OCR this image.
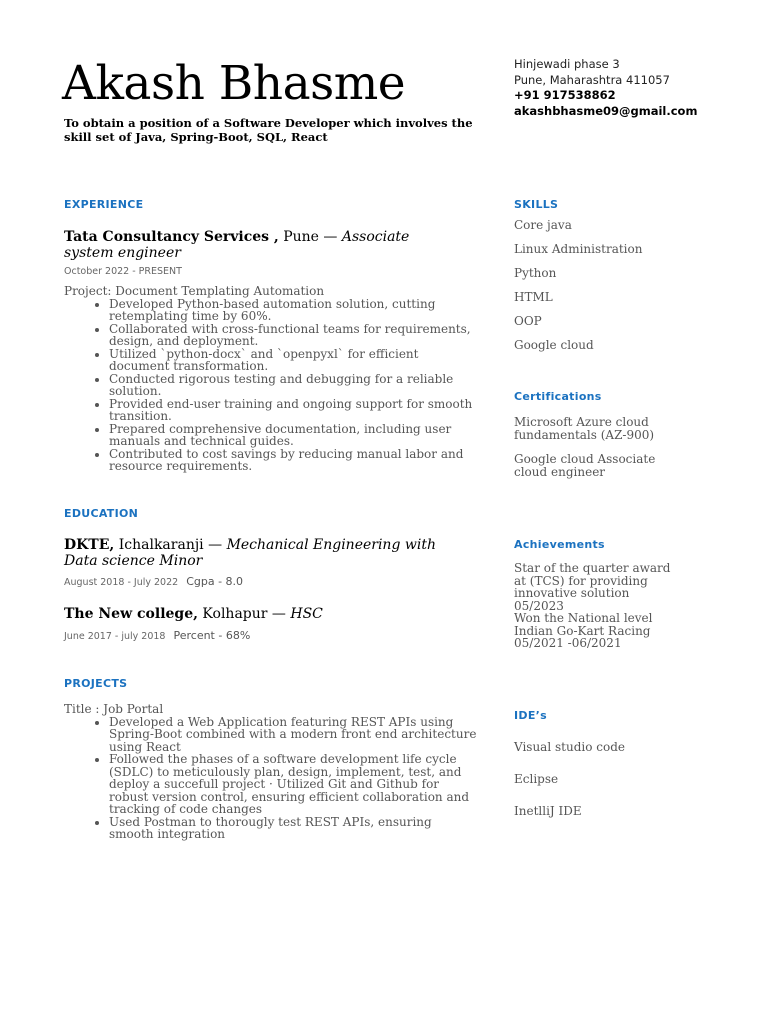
Akash Bhasme
To obtain a position of a Software Developer which involves the skill set of Java, Spring-Boot, SQL, React
Hinjewadi phase 3
Pune, Maharashtra 411057
+91 917538862
akashbhasme09@gmail.com
EXPERIENCE
Tata Consultancy Services , Pune — Associate system engineer
October 2022 - PRESENT
Project: Document Templating Automation
• Developed Python-based automation solution, cutting retemplating time by 60%.
• Collaborated with cross-functional teams for requirements, design, and deployment.
• Utilized `python-docx` and `openpyxl` for efficient document transformation.
• Conducted rigorous testing and debugging for a reliable solution.
• Provided end-user training and ongoing support for smooth transition.
• Prepared comprehensive documentation, including user manuals and technical guides.
• Contributed to cost savings by reducing manual labor and resource requirements.
EDUCATION
DKTE, Ichalkaranji — Mechanical Engineering with Data science Minor
August 2018 - July 2022 Cgpa - 8.0
The New college, Kolhapur — HSC
June 2017 - july 2018 Percent - 68%
PROJECTS
Title : Job Portal
• Developed a Web Application featuring REST APIs using Spring-Boot combined with a modern front end architecture using React
• Followed the phases of a software development life cycle (SDLC) to meticulously plan, design, implement, test, and deploy a succefull project · Utilized Git and Github for robust version control, ensuring efficient collaboration and tracking of code changes
• Used Postman to thorougly test REST APIs, ensuring smooth integration
SKILLS
Core java
Linux Administration
Python
HTML
OOP
Google cloud
Certifications
Microsoft Azure cloud fundamentals (AZ-900)
Google cloud Associate cloud engineer
Achievements
Star of the quarter award at (TCS) for providing innovative solution 05/2023
Won the National level Indian Go-Kart Racing 05/2021 -06/2021
IDE’s
Visual studio code
Eclipse
InetlliJ IDE
